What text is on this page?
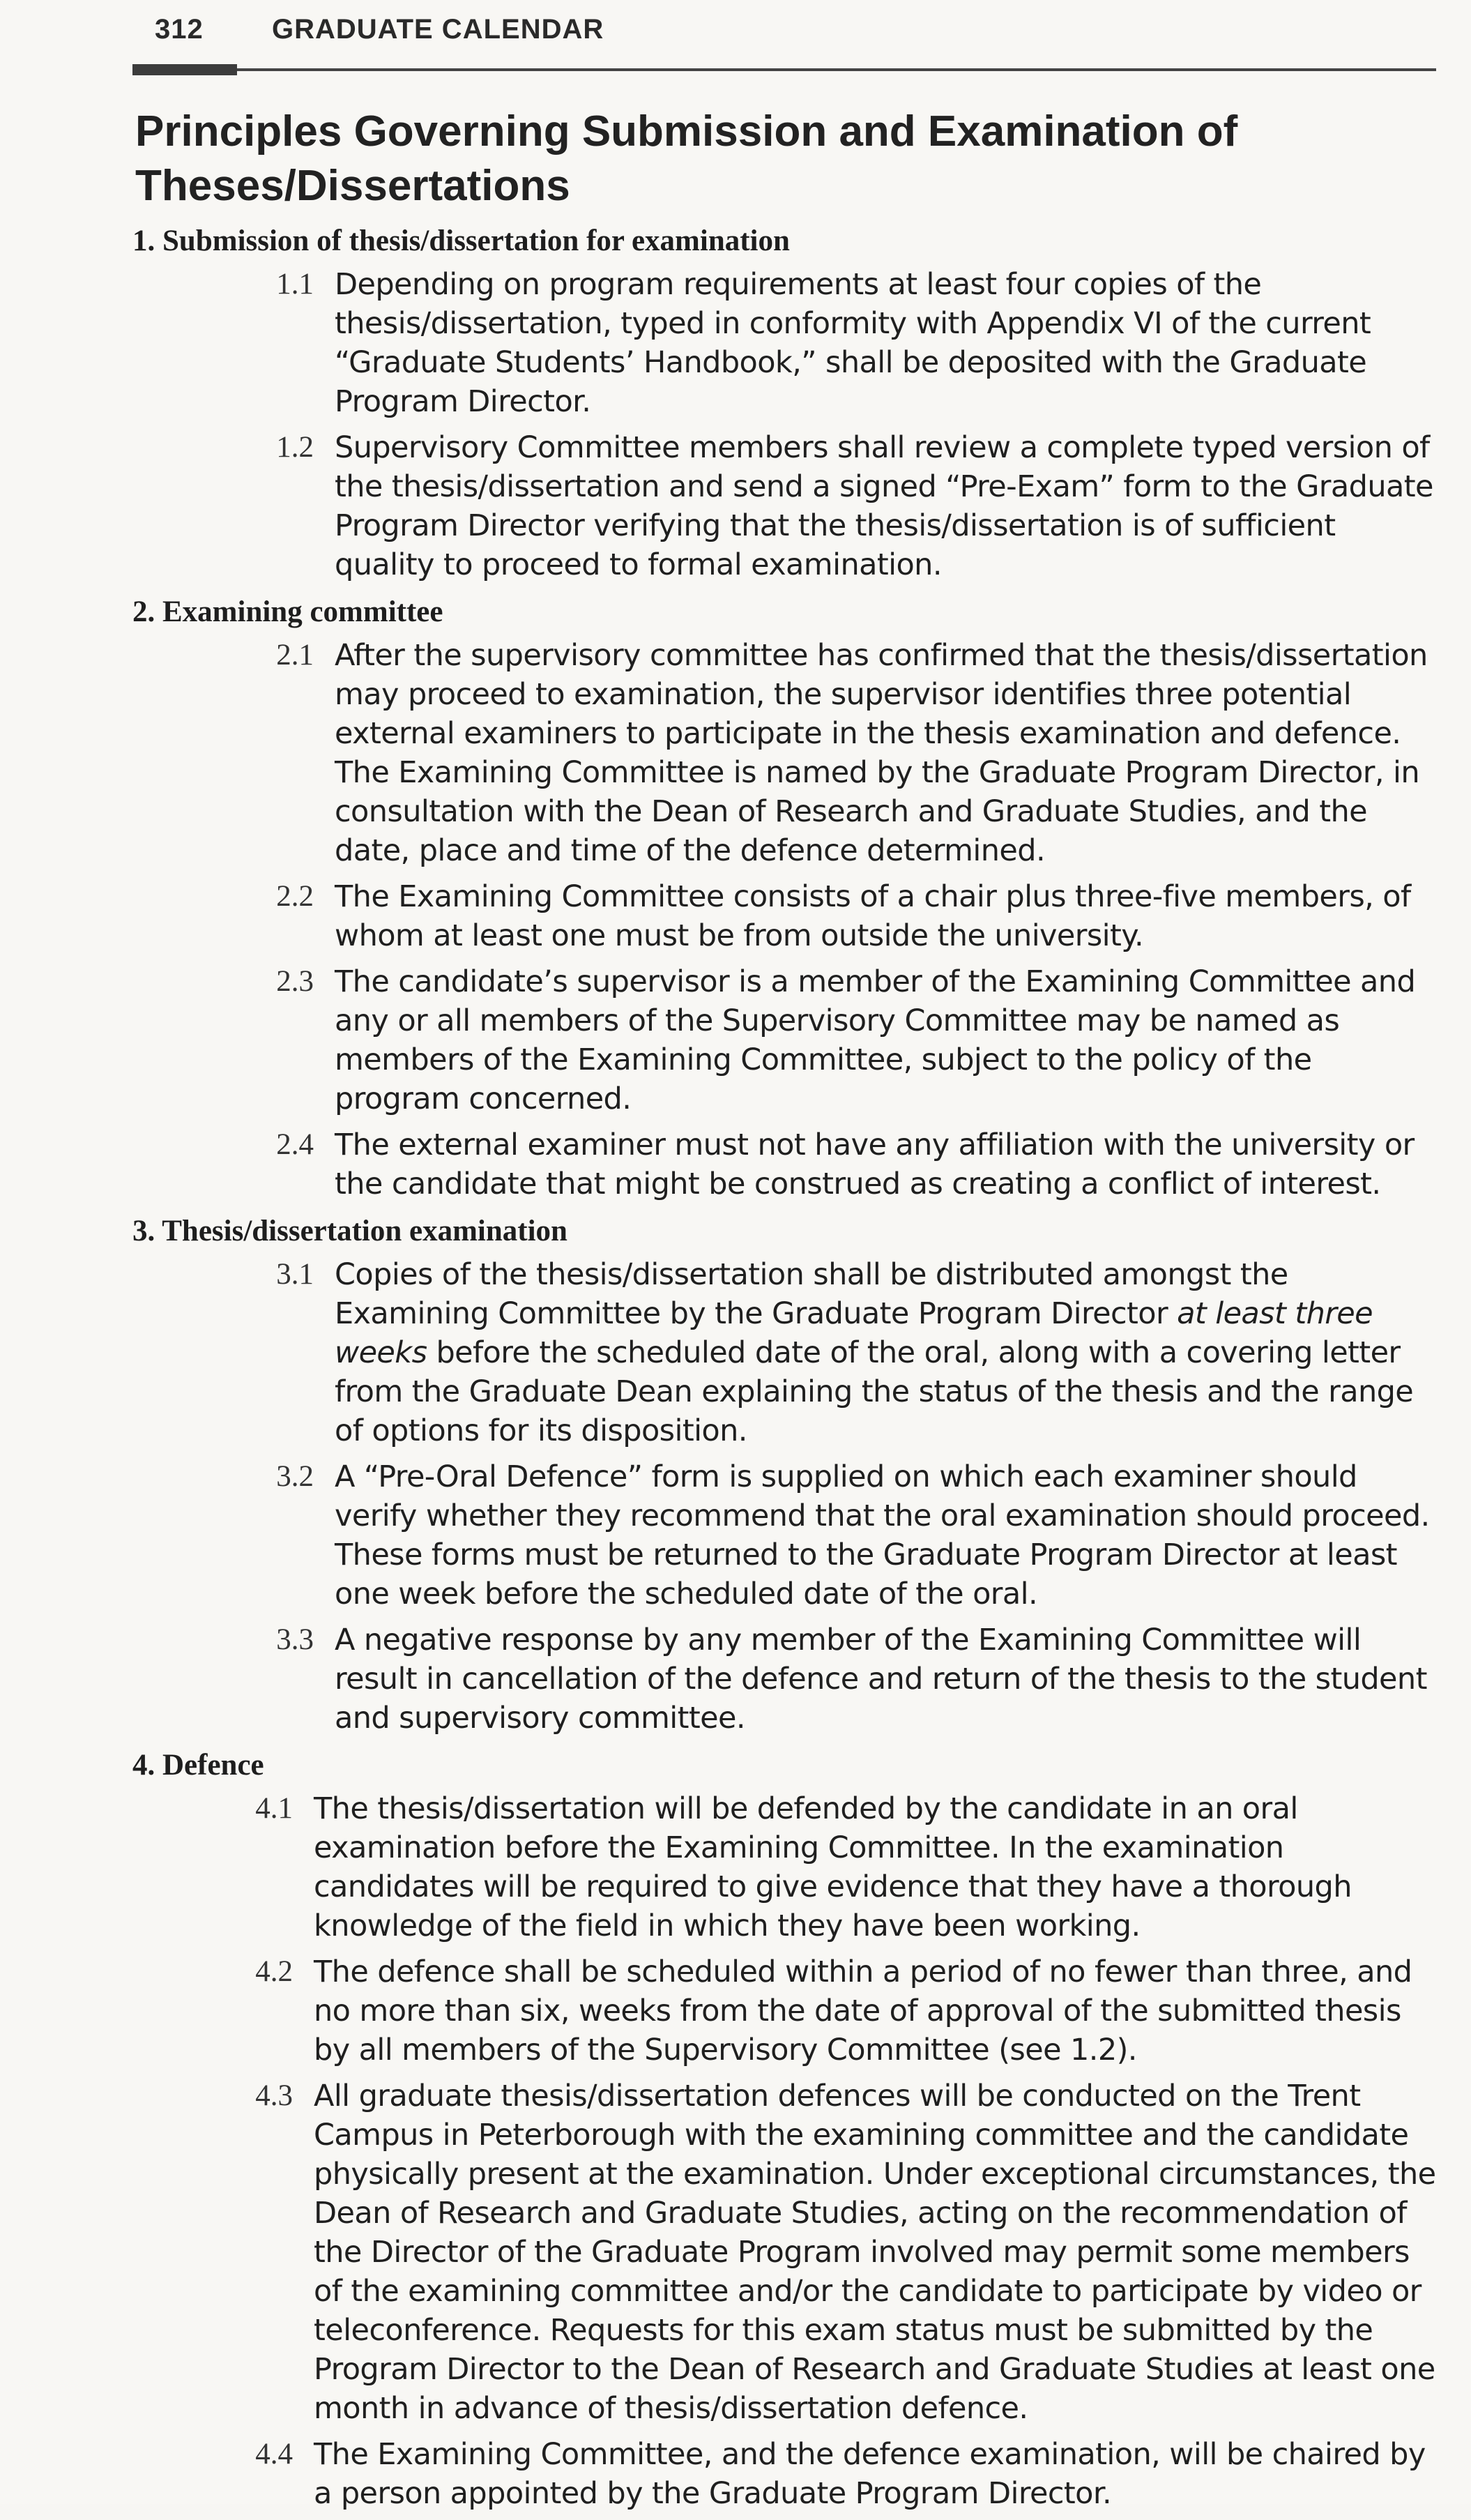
312 GRADUATE CALENDAR
Principles Governing Submission and Examination of Theses/Dissertations
1. Submission of thesis/dissertation for examination
1.1 Depending on program requirements at least four copies of the thesis/dissertation, typed in conformity with Appendix VI of the current “Graduate Students’ Handbook,” shall be deposited with the Graduate Program Director.
1.2 Supervisory Committee members shall review a complete typed version of the thesis/dissertation and send a signed “Pre-Exam” form to the Graduate Program Director verifying that the thesis/dissertation is of sufficient quality to proceed to formal examination.
2. Examining committee
2.1 After the supervisory committee has confirmed that the thesis/dissertation may proceed to examination, the supervisor identifies three potential external examiners to participate in the thesis examination and defence. The Examining Committee is named by the Graduate Program Director, in consultation with the Dean of Research and Graduate Studies, and the date, place and time of the defence determined.
2.2 The Examining Committee consists of a chair plus three-five members, of whom at least one must be from outside the university.
2.3 The candidate’s supervisor is a member of the Examining Committee and any or all members of the Supervisory Committee may be named as members of the Examining Committee, subject to the policy of the program concerned.
2.4 The external examiner must not have any affiliation with the university or the candidate that might be construed as creating a conflict of interest.
3. Thesis/dissertation examination
3.1 Copies of the thesis/dissertation shall be distributed amongst the Examining Committee by the Graduate Program Director at least three weeks before the scheduled date of the oral, along with a covering letter from the Graduate Dean explaining the status of the thesis and the range of options for its disposition.
3.2 A “Pre-Oral Defence” form is supplied on which each examiner should verify whether they recommend that the oral examination should proceed. These forms must be returned to the Graduate Program Director at least one week before the scheduled date of the oral.
3.3 A negative response by any member of the Examining Committee will result in cancellation of the defence and return of the thesis to the student and supervisory committee.
4. Defence
4.1 The thesis/dissertation will be defended by the candidate in an oral examination before the Examining Committee. In the examination candidates will be required to give evidence that they have a thorough knowledge of the field in which they have been working.
4.2 The defence shall be scheduled within a period of no fewer than three, and no more than six, weeks from the date of approval of the submitted thesis by all members of the Supervisory Committee (see 1.2).
4.3 All graduate thesis/dissertation defences will be conducted on the Trent Campus in Peterborough with the examining committee and the candidate physically present at the examination. Under exceptional circumstances, the Dean of Research and Graduate Studies, acting on the recommendation of the Director of the Graduate Program involved may permit some members of the examining committee and/or the candidate to participate by video or teleconference. Requests for this exam status must be submitted by the Program Director to the Dean of Research and Graduate Studies at least one month in advance of thesis/dissertation defence.
4.4 The Examining Committee, and the defence examination, will be chaired by a person appointed by the Graduate Program Director.
